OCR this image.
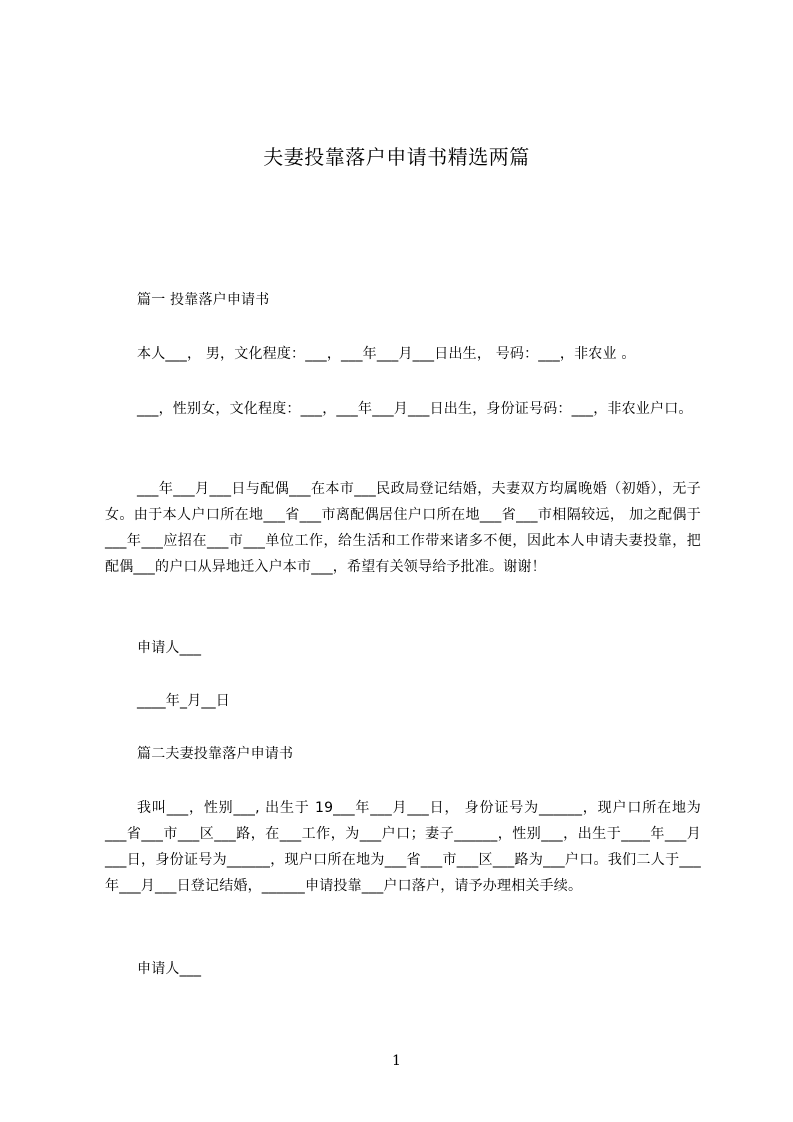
夫妻投靠落户申请书精选两篇
篇一 投靠落户申请书
本人___， 男，文化程度：___，___年___月___日出生， 号码：___，非农业 。
___，性别女，文化程度：___，___年___月___日出生，身份证号码：___，非农业户口。
___年___月___日与配偶___在本市___民政局登记结婚，夫妻双方均属晚婚（初婚），无子女。由于本人户口所在地___省___市离配偶居住户口所在地___省___市相隔较远， 加之配偶于___年___应招在___市___单位工作，给生活和工作带来诸多不便，因此本人申请夫妻投靠，把配偶___的户口从异地迁入户本市___，希望有关领导给予批准。谢谢！
申请人___
____年_月__日
篇二夫妻投靠落户申请书
我叫___，性别___, 出生于 19___年___月___日， 身份证号为______，现户口所在地为___省___市___区___路，在___工作，为___户口；妻子______，性别___，出生于____年___月___日，身份证号为______，现户口所在地为___省___市___区___路为___户口。我们二人于___年___月___日登记结婚，______申请投靠___户口落户，请予办理相关手续。
申请人___
1
